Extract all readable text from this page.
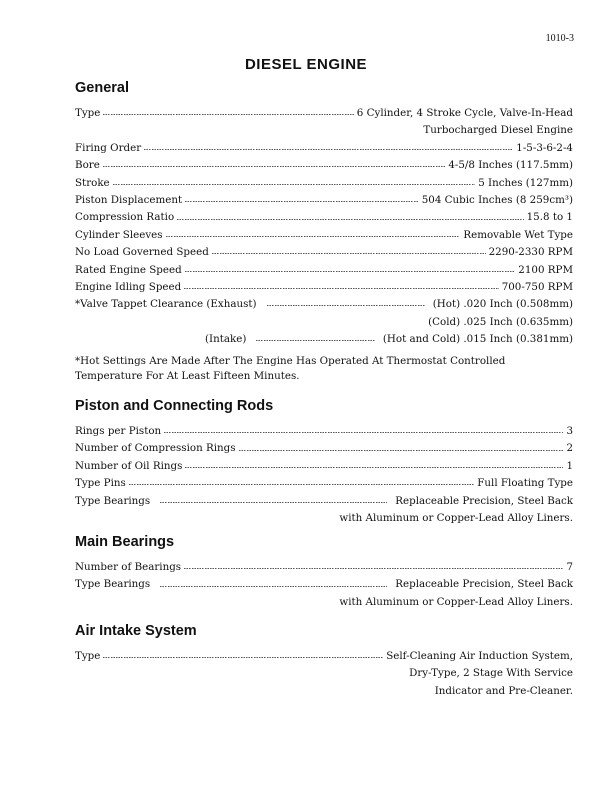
1010-3
DIESEL ENGINE
General
Type	6 Cylinder, 4 Stroke Cycle, Valve-In-Head
Turbocharged Diesel Engine
Firing Order	1-5-3-6-2-4
Bore	4-5/8 Inches (117.5mm)
Stroke	5 Inches (127mm)
Piston Displacement	504 Cubic Inches (8 259cm³)
Compression Ratio	15.8 to 1
Cylinder Sleeves	Removable Wet Type
No Load Governed Speed	2290-2330 RPM
Rated Engine Speed	2100 RPM
Engine Idling Speed	700-750 RPM
*Valve Tappet Clearance (Exhaust)	(Hot) .020 Inch (0.508mm)
(Cold) .025 Inch (0.635mm)
(Intake)	(Hot and Cold) .015 Inch (0.381mm)
*Hot Settings Are Made After The Engine Has Operated At Thermostat Controlled Temperature For At Least Fifteen Minutes.
Piston and Connecting Rods
Rings per Piston	3
Number of Compression Rings	2
Number of Oil Rings	1
Type Pins	Full Floating Type
Type Bearings	Replaceable Precision, Steel Back
with Aluminum or Copper-Lead Alloy Liners.
Main Bearings
Number of Bearings	7
Type Bearings	Replaceable Precision, Steel Back
with Aluminum or Copper-Lead Alloy Liners.
Air Intake System
Type	Self-Cleaning Air Induction System,
Dry-Type, 2 Stage With Service
Indicator and Pre-Cleaner.
